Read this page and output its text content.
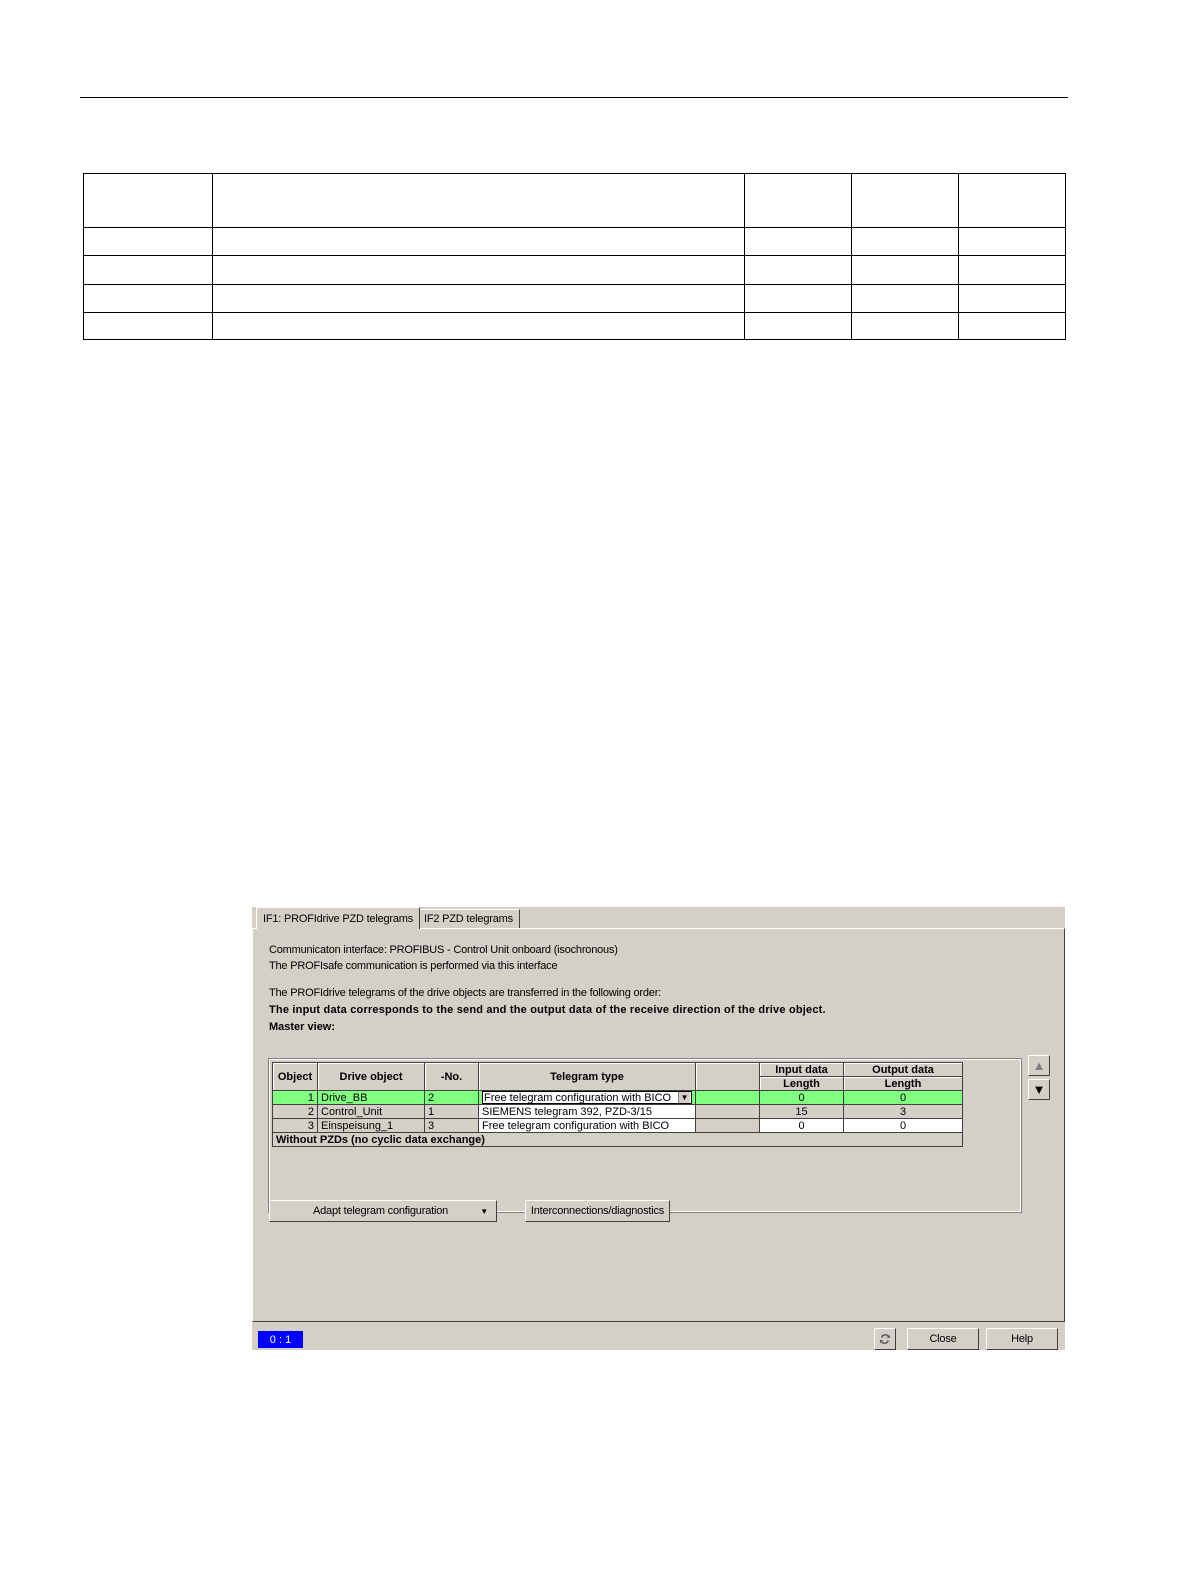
IF1: PROFIdrive PZD telegrams IF2 PZD telegrams
Communicaton interface: PROFIBUS - Control Unit onboard (isochronous)
The PROFIsafe communication is performed via this interface
The PROFIdrive telegrams of the drive objects are transferred in the following order:
The input data corresponds to the send and the output data of the receive direction of the drive object.
Master view:
Object	Drive object	-No.	Telegram type		Input data	Output data
					Length	Length
1	Drive_BB	2	Free telegram configuration with BICO ▼		0	0
2	Control_Unit	1	SIEMENS telegram 392, PZD-3/15		15	3
3	Einspeisung_1	3	Free telegram configuration with BICO		0	0
Without PZDs (no cyclic data exchange)						
▲
▼
Adapt telegram configuration	▼	Interconnections/diagnostics
0 : 1	Close	Help
